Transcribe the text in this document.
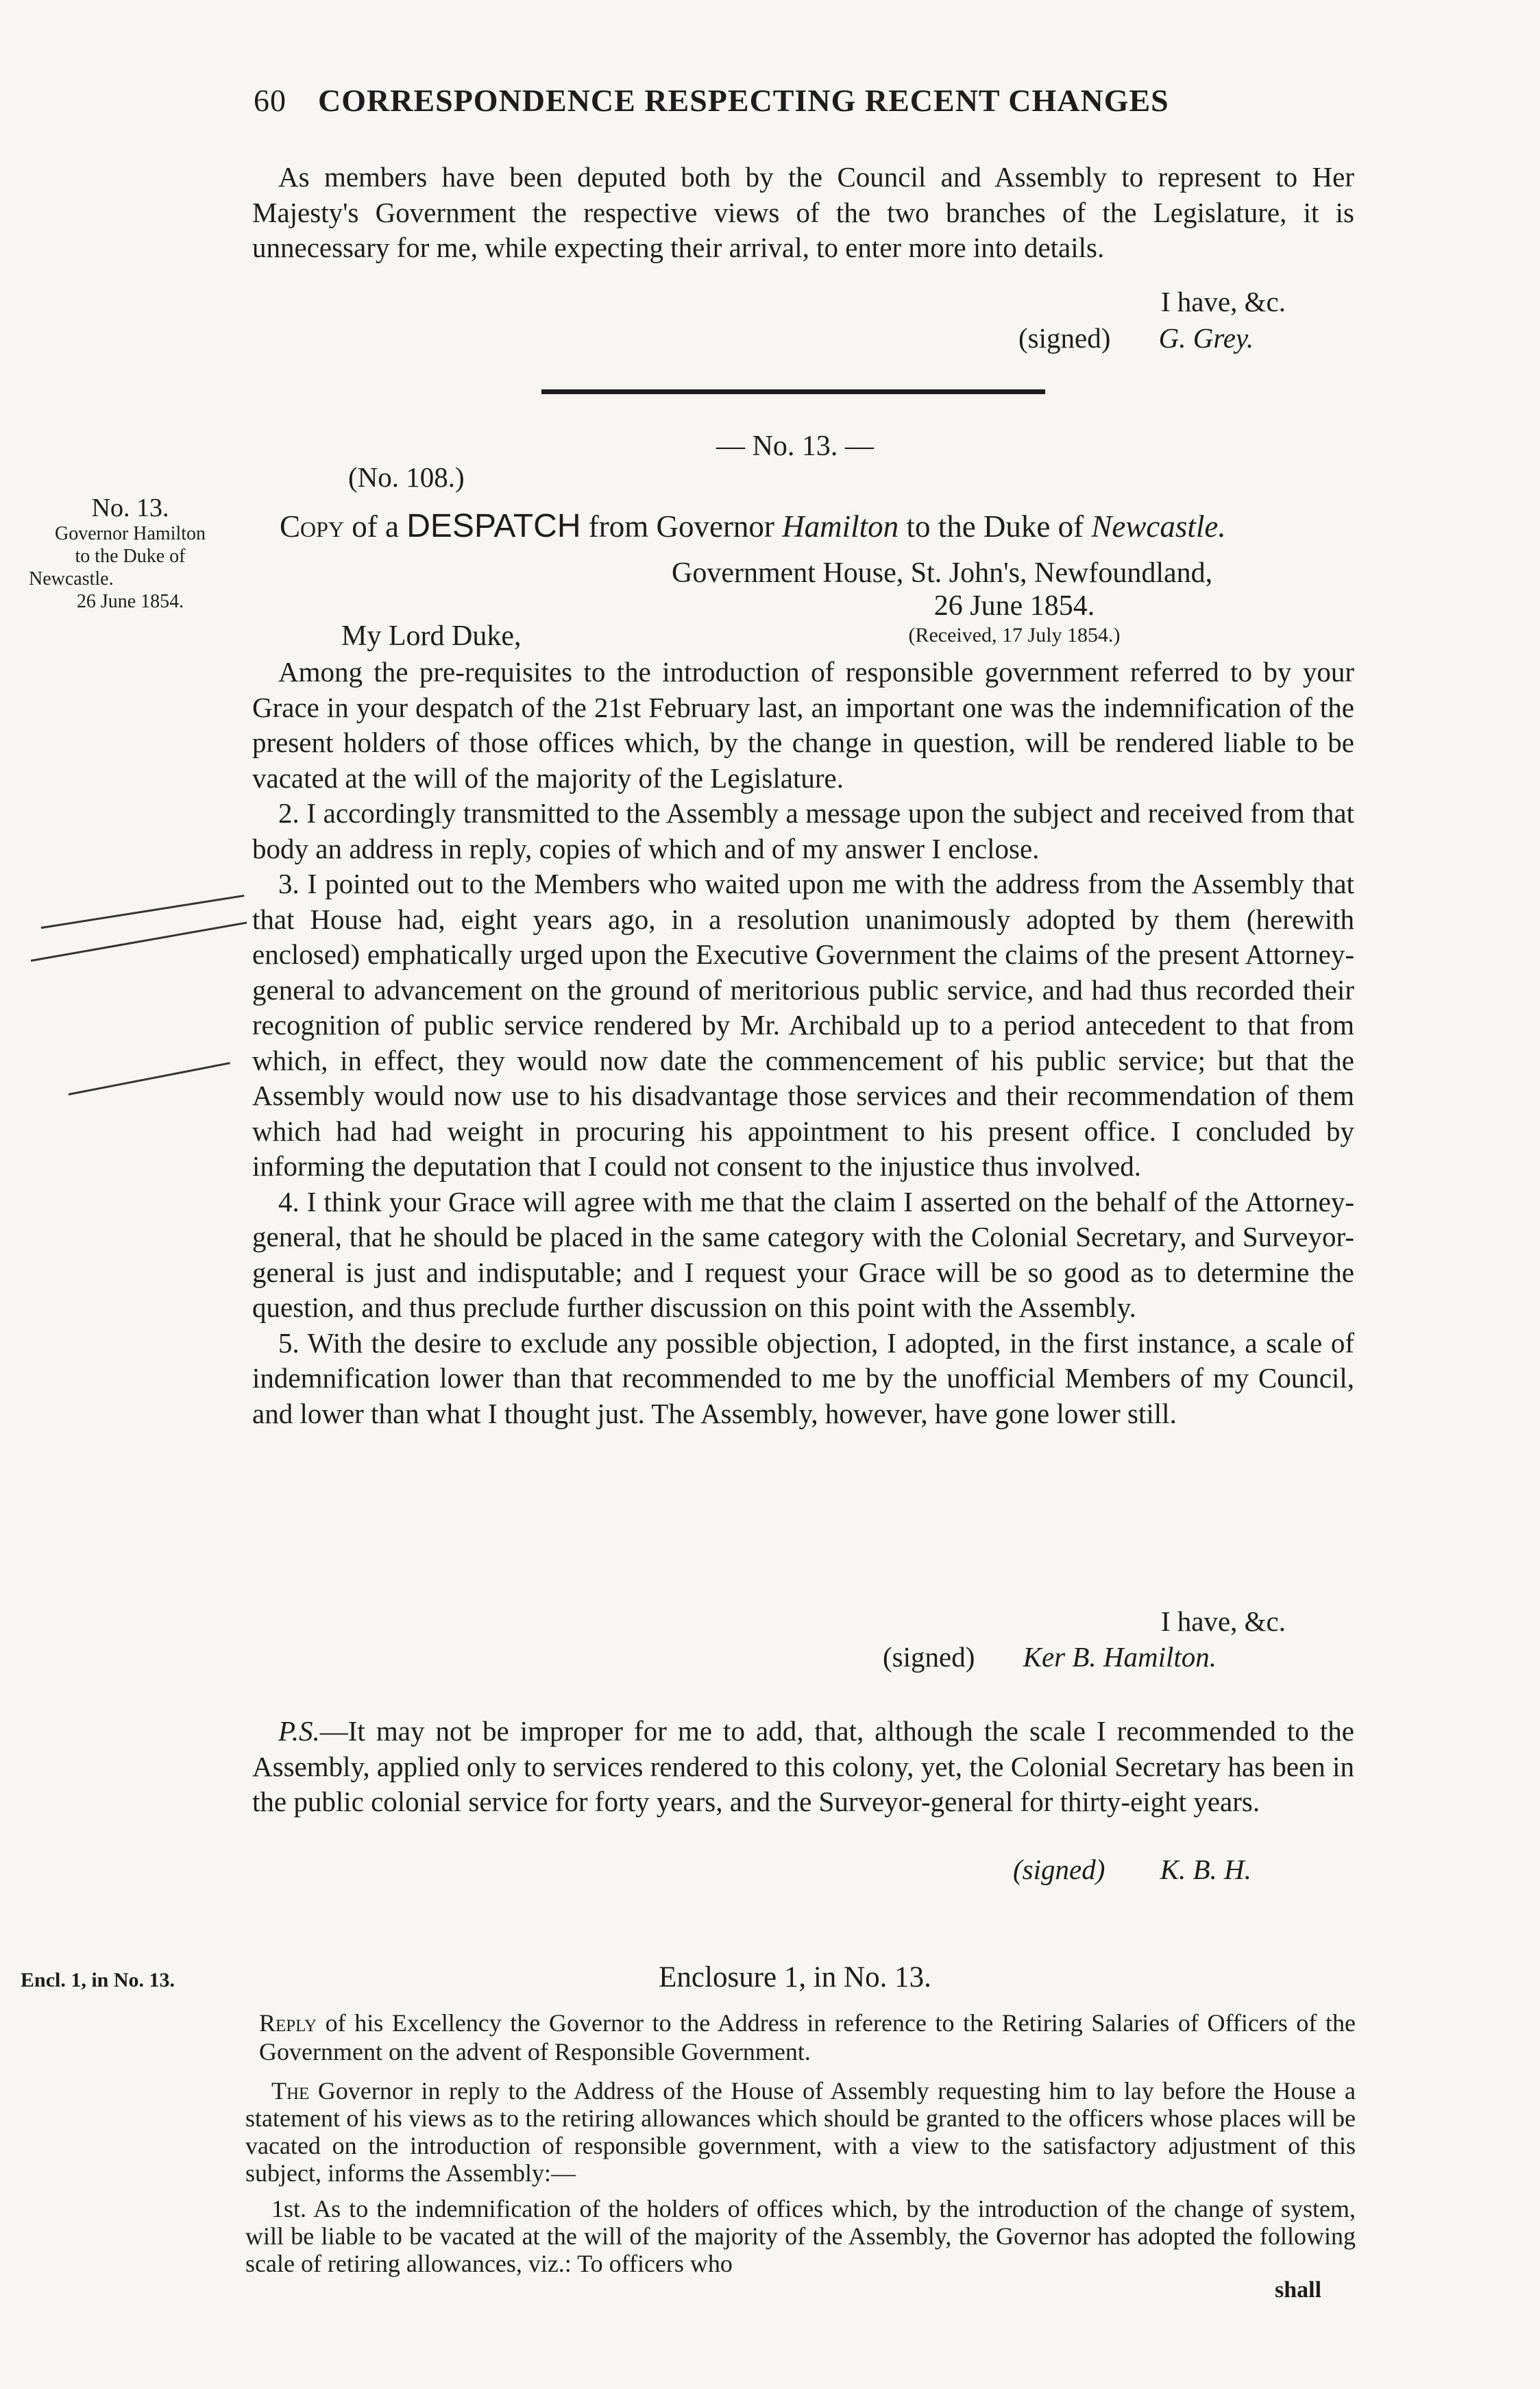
60 CORRESPONDENCE RESPECTING RECENT CHANGES

As members have been deputed both by the Council and Assembly to represent to Her Majesty's Government the respective views of the two branches of the Legislature, it is unnecessary for me, while expecting their arrival, to enter more into details.

I have, &c.
(signed) G. Grey.
— No. 13. —
(No. 108.)
No. 13.
Governor Hamilton
to the Duke of
Newcastle.
26 June 1854.
Copy of a DESPATCH from Governor Hamilton to the Duke of Newcastle.
Government House, St. John's, Newfoundland,
26 June 1854.
My Lord Duke,	(Received, 17 July 1854.)

Among the pre-requisites to the introduction of responsible government referred to by your Grace in your despatch of the 21st February last, an important one was the indemnification of the present holders of those offices which, by the change in question, will be rendered liable to be vacated at the will of the majority of the Legislature.

2. I accordingly transmitted to the Assembly a message upon the subject and received from that body an address in reply, copies of which and of my answer I enclose.

3. I pointed out to the Members who waited upon me with the address from the Assembly that that House had, eight years ago, in a resolution unanimously adopted by them (herewith enclosed) emphatically urged upon the Executive Government the claims of the present Attorney-general to advancement on the ground of meritorious public service, and had thus recorded their recognition of public service rendered by Mr. Archibald up to a period antecedent to that from which, in effect, they would now date the commencement of his public service; but that the Assembly would now use to his disadvantage those services and their recommendation of them which had had weight in procuring his appointment to his present office. I concluded by informing the deputation that I could not consent to the injustice thus involved.

4. I think your Grace will agree with me that the claim I asserted on the behalf of the Attorney-general, that he should be placed in the same category with the Colonial Secretary, and Surveyor-general is just and indisputable; and I request your Grace will be so good as to determine the question, and thus preclude further discussion on this point with the Assembly.

5. With the desire to exclude any possible objection, I adopted, in the first instance, a scale of indemnification lower than that recommended to me by the unofficial Members of my Council, and lower than what I thought just. The Assembly, however, have gone lower still.

I have, &c.
(signed) Ker B. Hamilton.

P.S.—It may not be improper for me to add, that, although the scale I recommended to the Assembly, applied only to services rendered to this colony, yet, the Colonial Secretary has been in the public colonial service for forty years, and the Surveyor-general for thirty-eight years.

(signed) K. B. H.
Encl. 1, in No. 13.	Enclosure 1, in No. 13.
Reply of his Excellency the Governor to the Address in reference to the Retiring Salaries of Officers of the Government on the advent of Responsible Government.

The Governor in reply to the Address of the House of Assembly requesting him to lay before the House a statement of his views as to the retiring allowances which should be granted to the officers whose places will be vacated on the introduction of responsible government, with a view to the satisfactory adjustment of this subject, informs the Assembly:—

1st. As to the indemnification of the holders of offices which, by the introduction of the change of system, will be liable to be vacated at the will of the majority of the Assembly, the Governor has adopted the following scale of retiring allowances, viz.: To officers who

shall
